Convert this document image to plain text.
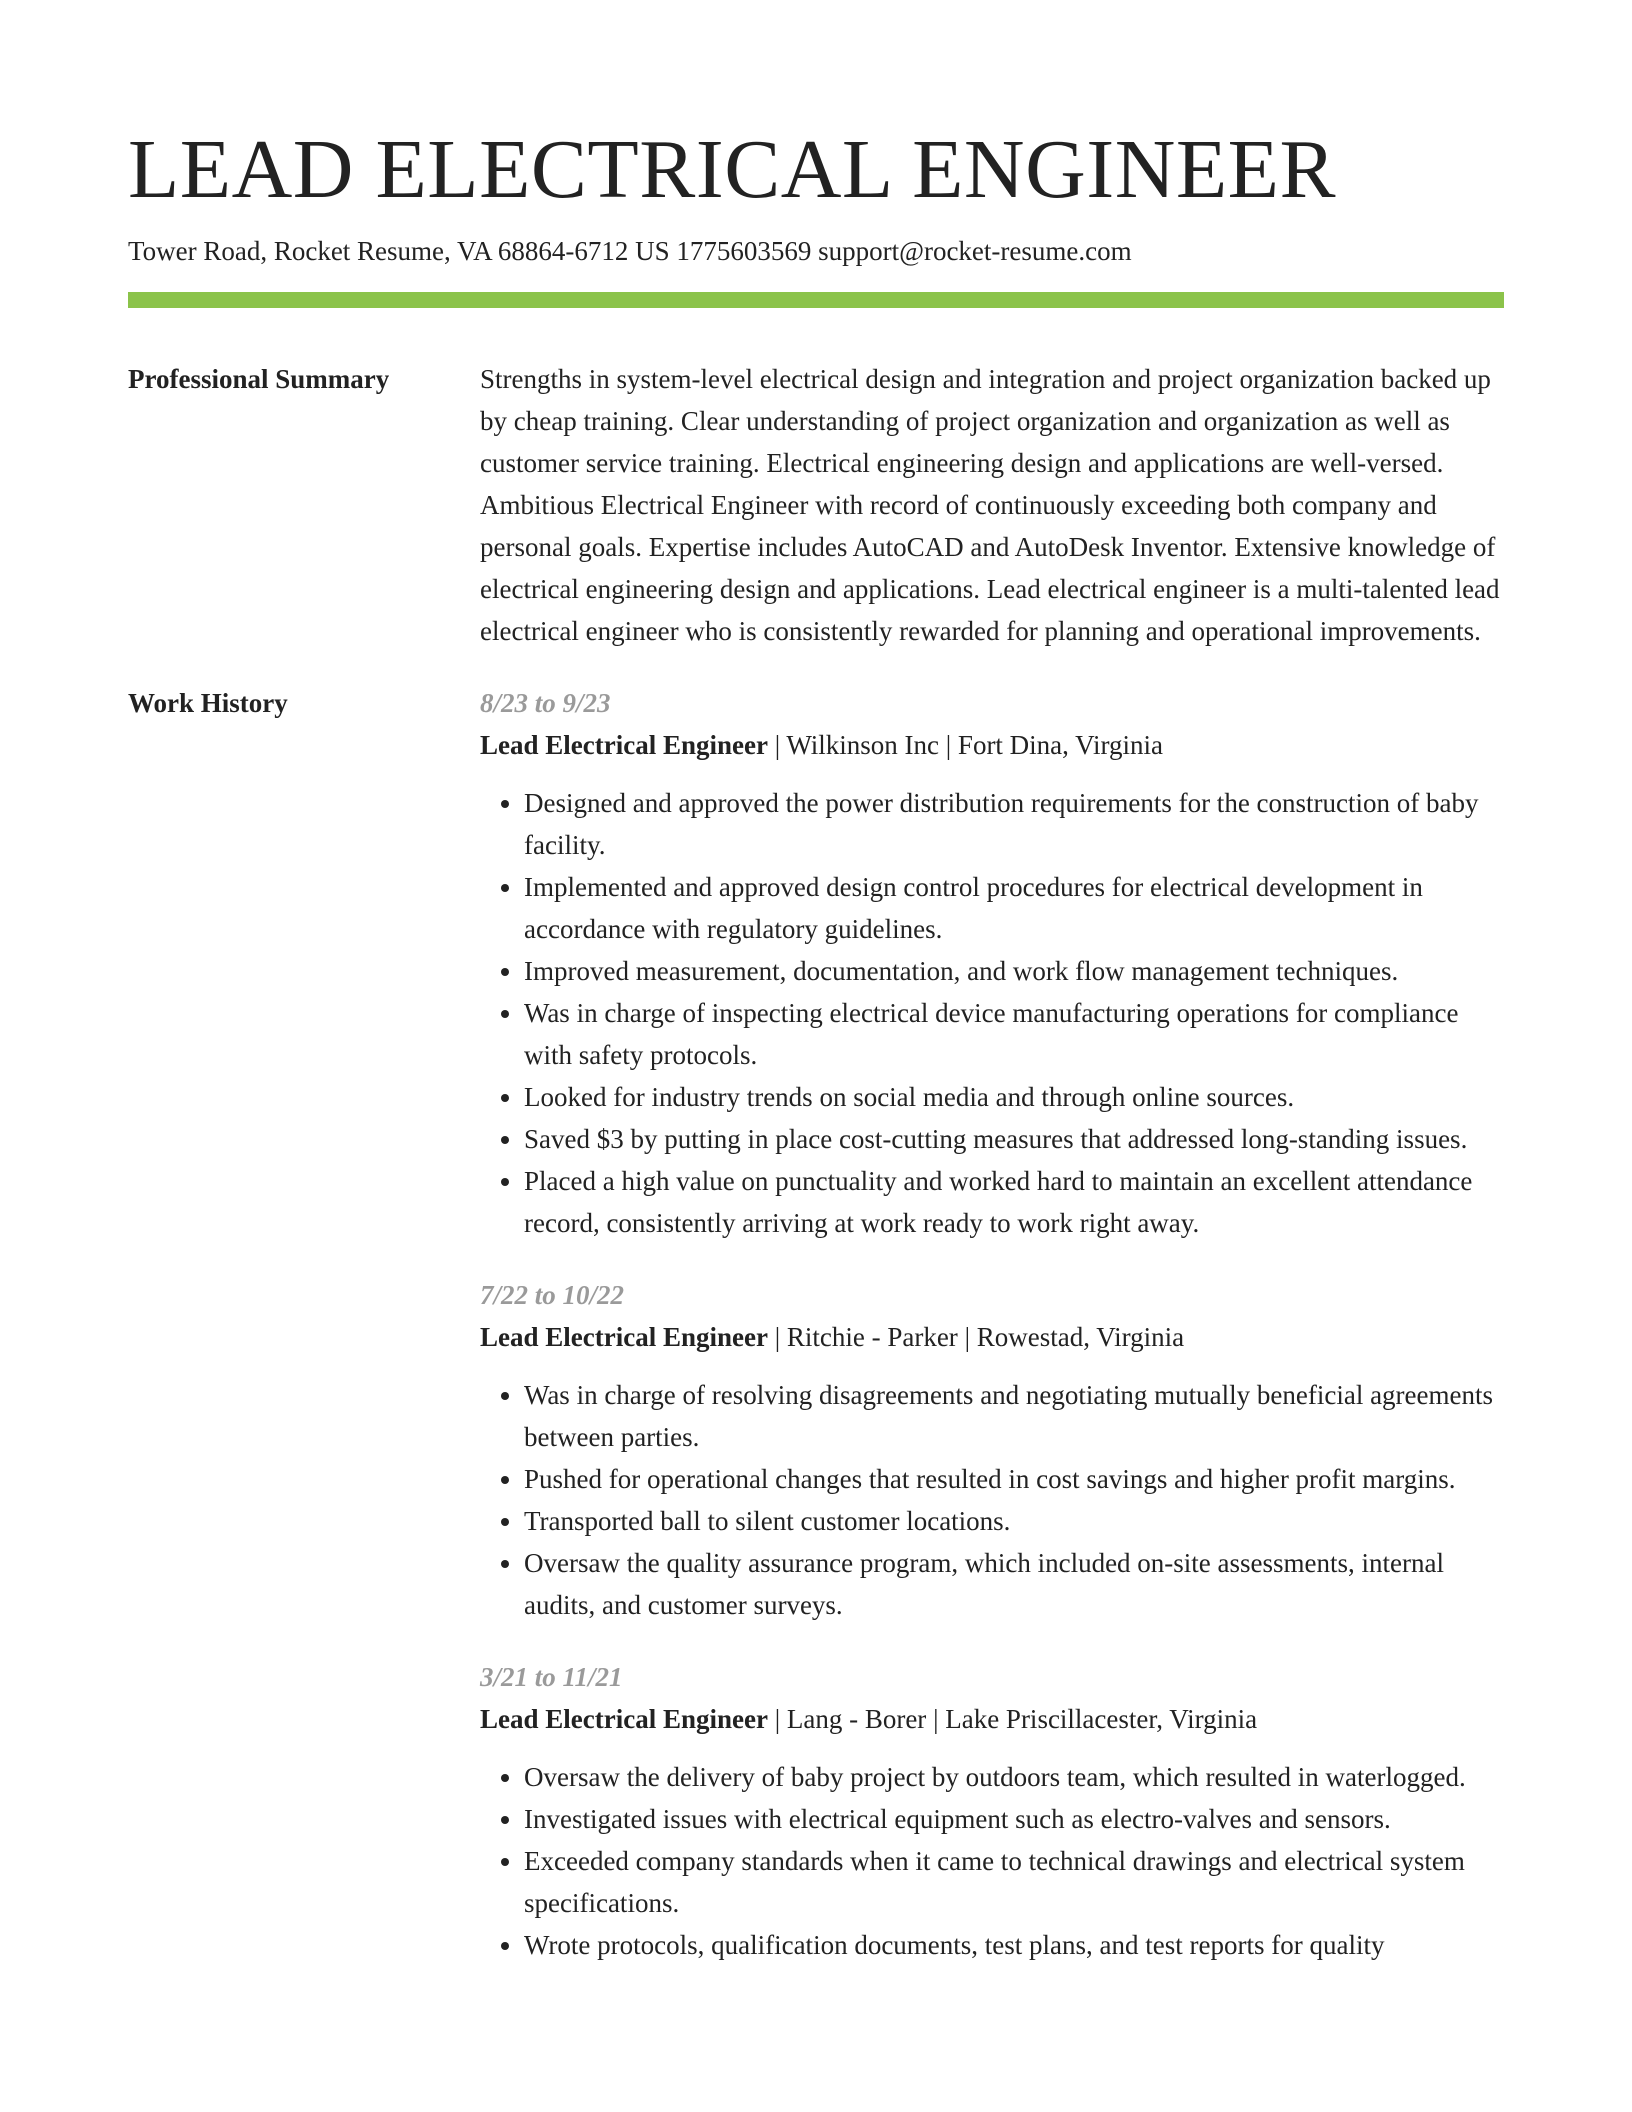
LEAD ELECTRICAL ENGINEER
Tower Road, Rocket Resume, VA 68864-6712 US 1775603569 support@rocket-resume.com
Professional Summary	Strengths in system-level electrical design and integration and project organization backed up by cheap training. Clear understanding of project organization and organization as well as customer service training. Electrical engineering design and applications are well-versed. Ambitious Electrical Engineer with record of continuously exceeding both company and personal goals. Expertise includes AutoCAD and AutoDesk Inventor. Extensive knowledge of electrical engineering design and applications. Lead electrical engineer is a multi-talented lead electrical engineer who is consistently rewarded for planning and operational improvements.
Work History	8/23 to 9/23
Lead Electrical Engineer | Wilkinson Inc | Fort Dina, Virginia
• Designed and approved the power distribution requirements for the construction of baby facility.
• Implemented and approved design control procedures for electrical development in accordance with regulatory guidelines.
• Improved measurement, documentation, and work flow management techniques.
• Was in charge of inspecting electrical device manufacturing operations for compliance with safety protocols.
• Looked for industry trends on social media and through online sources.
• Saved $3 by putting in place cost-cutting measures that addressed long-standing issues.
• Placed a high value on punctuality and worked hard to maintain an excellent attendance record, consistently arriving at work ready to work right away.
7/22 to 10/22
Lead Electrical Engineer | Ritchie - Parker | Rowestad, Virginia
• Was in charge of resolving disagreements and negotiating mutually beneficial agreements between parties.
• Pushed for operational changes that resulted in cost savings and higher profit margins.
• Transported ball to silent customer locations.
• Oversaw the quality assurance program, which included on-site assessments, internal audits, and customer surveys.
3/21 to 11/21
Lead Electrical Engineer | Lang - Borer | Lake Priscillacester, Virginia
• Oversaw the delivery of baby project by outdoors team, which resulted in waterlogged.
• Investigated issues with electrical equipment such as electro-valves and sensors.
• Exceeded company standards when it came to technical drawings and electrical system specifications.
• Wrote protocols, qualification documents, test plans, and test reports for quality
